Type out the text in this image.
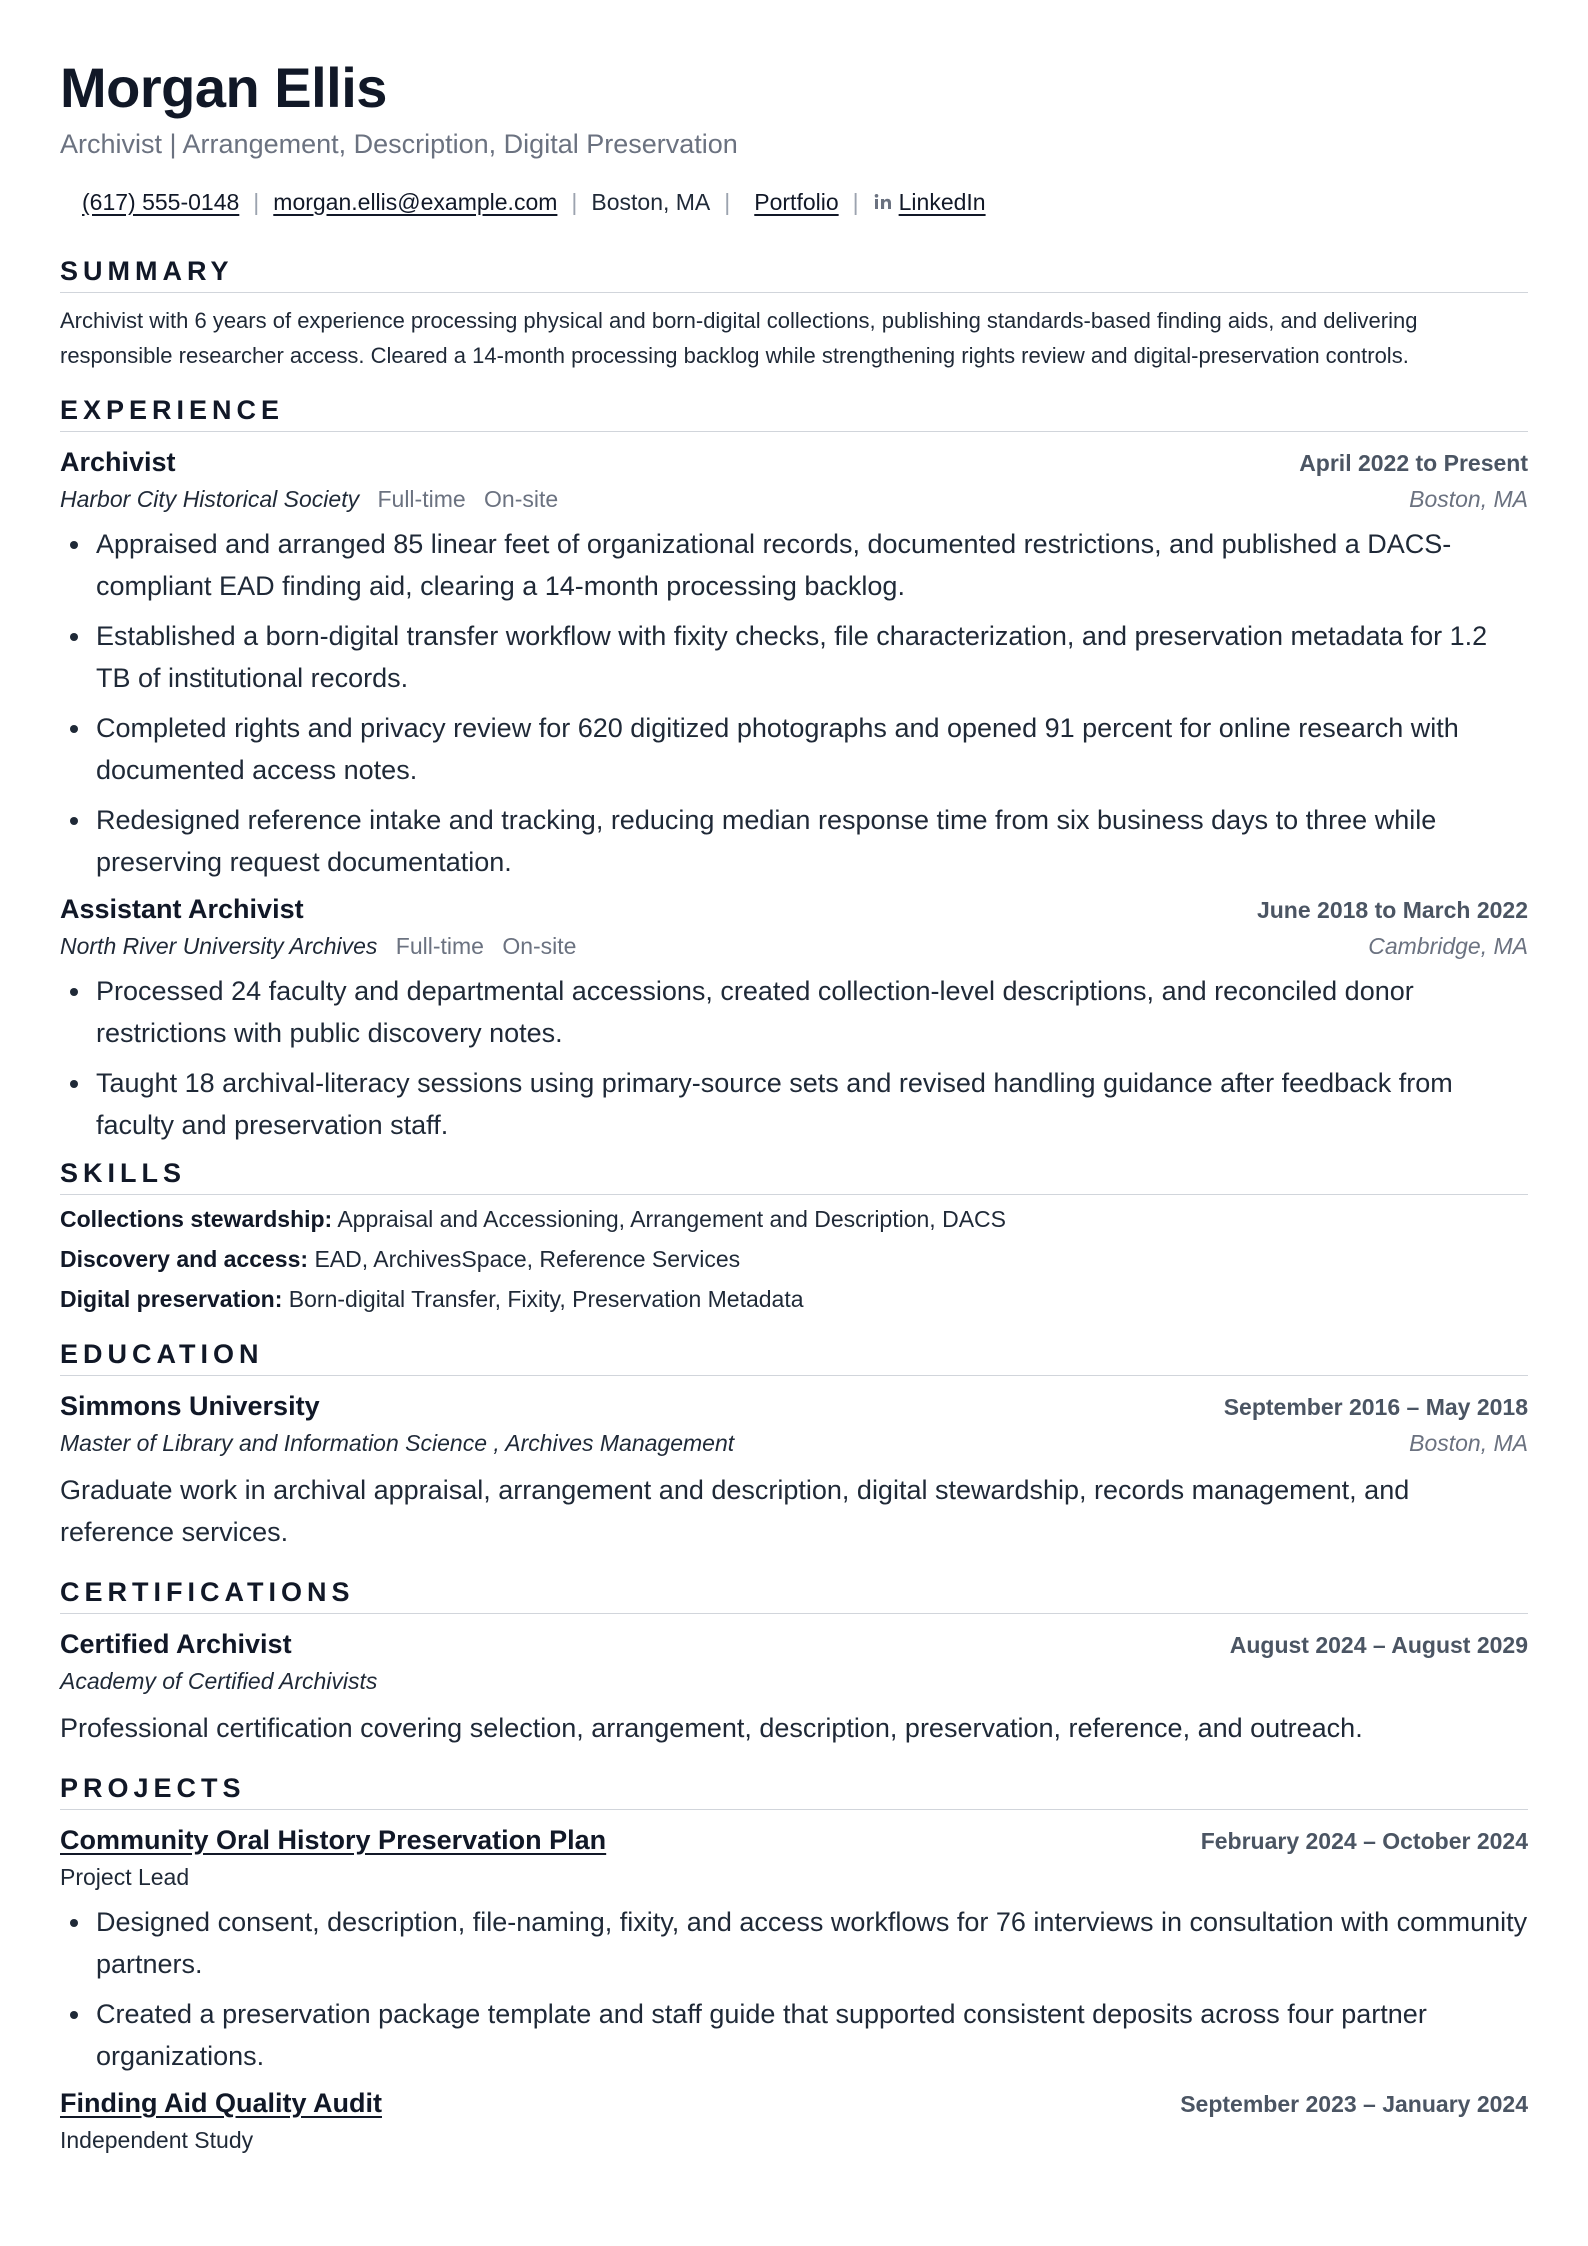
Morgan Ellis
Archivist | Arrangement, Description, Digital Preservation
(617) 555-0148 | morgan.ellis@example.com | Boston, MA | Portfolio | LinkedIn
SUMMARY
Archivist with 6 years of experience processing physical and born-digital collections, publishing standards-based finding aids, and delivering responsible researcher access. Cleared a 14-month processing backlog while strengthening rights review and digital-preservation controls.
EXPERIENCE
Archivist	April 2022 to Present
Harbor City Historical Society Full-time On-site	Boston, MA
Appraised and arranged 85 linear feet of organizational records, documented restrictions, and published a DACS-compliant EAD finding aid, clearing a 14-month processing backlog.
Established a born-digital transfer workflow with fixity checks, file characterization, and preservation metadata for 1.2 TB of institutional records.
Completed rights and privacy review for 620 digitized photographs and opened 91 percent for online research with documented access notes.
Redesigned reference intake and tracking, reducing median response time from six business days to three while preserving request documentation.
Assistant Archivist	June 2018 to March 2022
North River University Archives Full-time On-site	Cambridge, MA
Processed 24 faculty and departmental accessions, created collection-level descriptions, and reconciled donor restrictions with public discovery notes.
Taught 18 archival-literacy sessions using primary-source sets and revised handling guidance after feedback from faculty and preservation staff.
SKILLS
Collections stewardship: Appraisal and Accessioning, Arrangement and Description, DACS
Discovery and access: EAD, ArchivesSpace, Reference Services
Digital preservation: Born-digital Transfer, Fixity, Preservation Metadata
EDUCATION
Simmons University	September 2016 – May 2018
Master of Library and Information Science , Archives Management	Boston, MA
Graduate work in archival appraisal, arrangement and description, digital stewardship, records management, and reference services.
CERTIFICATIONS
Certified Archivist	August 2024 – August 2029
Academy of Certified Archivists
Professional certification covering selection, arrangement, description, preservation, reference, and outreach.
PROJECTS
Community Oral History Preservation Plan	February 2024 – October 2024
Project Lead
Designed consent, description, file-naming, fixity, and access workflows for 76 interviews in consultation with community partners.
Created a preservation package template and staff guide that supported consistent deposits across four partner organizations.
Finding Aid Quality Audit	September 2023 – January 2024
Independent Study
